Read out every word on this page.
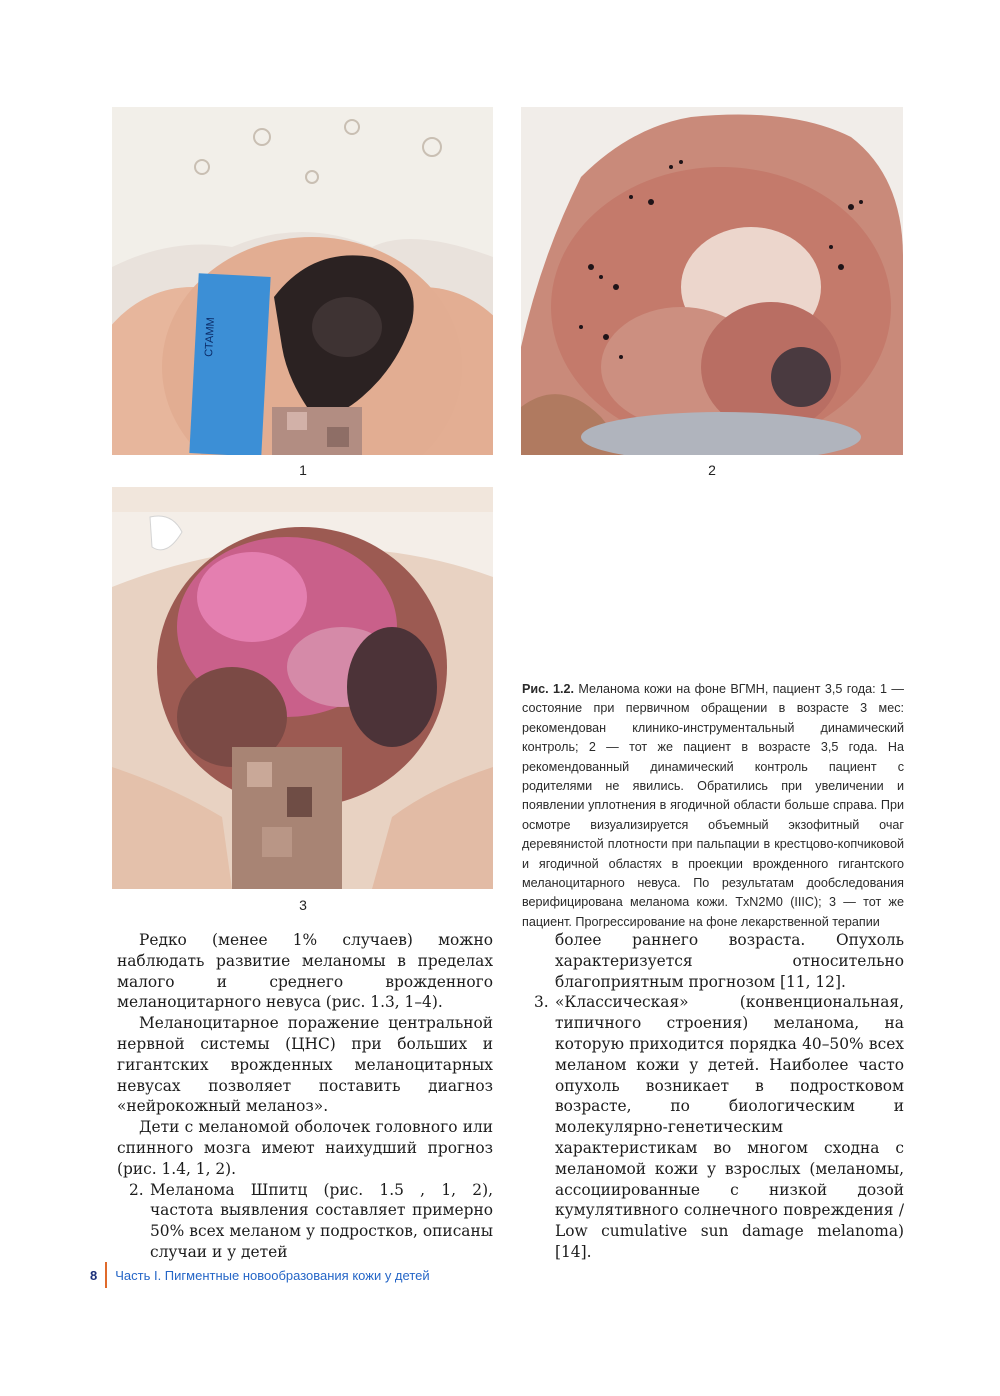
СТАММ
1	2
3
Рис. 1.2. Меланома кожи на фоне ВГМН, пациент 3,5 года: 1 — состояние при первичном обращении в возрасте 3 мес: рекомендован клинико-инструментальный динамический контроль; 2 — тот же пациент в возрасте 3,5 года. На рекомендованный динамический контроль пациент с родителями не явились. Обратились при увеличении и появлении уплотнения в ягодичной области больше справа. При осмотре визуализируется объемный экзофитный очаг деревянистой плотности при пальпации в крестцово-копчиковой и ягодичной областях в проекции врожденного гигантского меланоцитарного невуса. По результатам дообследования верифицирована меланома кожи. TxN2M0 (IIIC); 3 — тот же пациент. Прогрессирование на фоне лекарственной терапии

Редко (менее 1% случаев) можно наблюдать развитие меланомы в пределах малого и среднего врожденного меланоцитарного невуса (рис. 1.3, 1–4).

Меланоцитарное поражение центральной нервной системы (ЦНС) при больших и гигантских врожденных меланоцитарных невусах позволяет поставить диагноз «нейрокожный меланоз».

Дети с меланомой оболочек головного или спинного мозга имеют наихудший прогноз (рис. 1.4, 1, 2).

2. Меланома Шпитц (рис. 1.5 , 1, 2), частота выявления составляет примерно 50% всех меланом у подростков, описаны случаи и у детей

более раннего возраста. Опухоль характеризуется относительно благоприятным прогнозом [11, 12].

3. «Классическая» (конвенциональная, типичного строения) меланома, на которую приходится порядка 40–50% всех меланом кожи у детей. Наиболее часто опухоль возникает в подростковом возрасте, по биологическим и молекулярно-генетическим характеристикам во многом сходна с меланомой кожи у взрослых (меланомы, ассоциированные с низкой дозой кумулятивного солнечного повреждения / Low cumulative sun damage melanoma) [14].

8 Часть I. Пигментные новообразования кожи у детей
